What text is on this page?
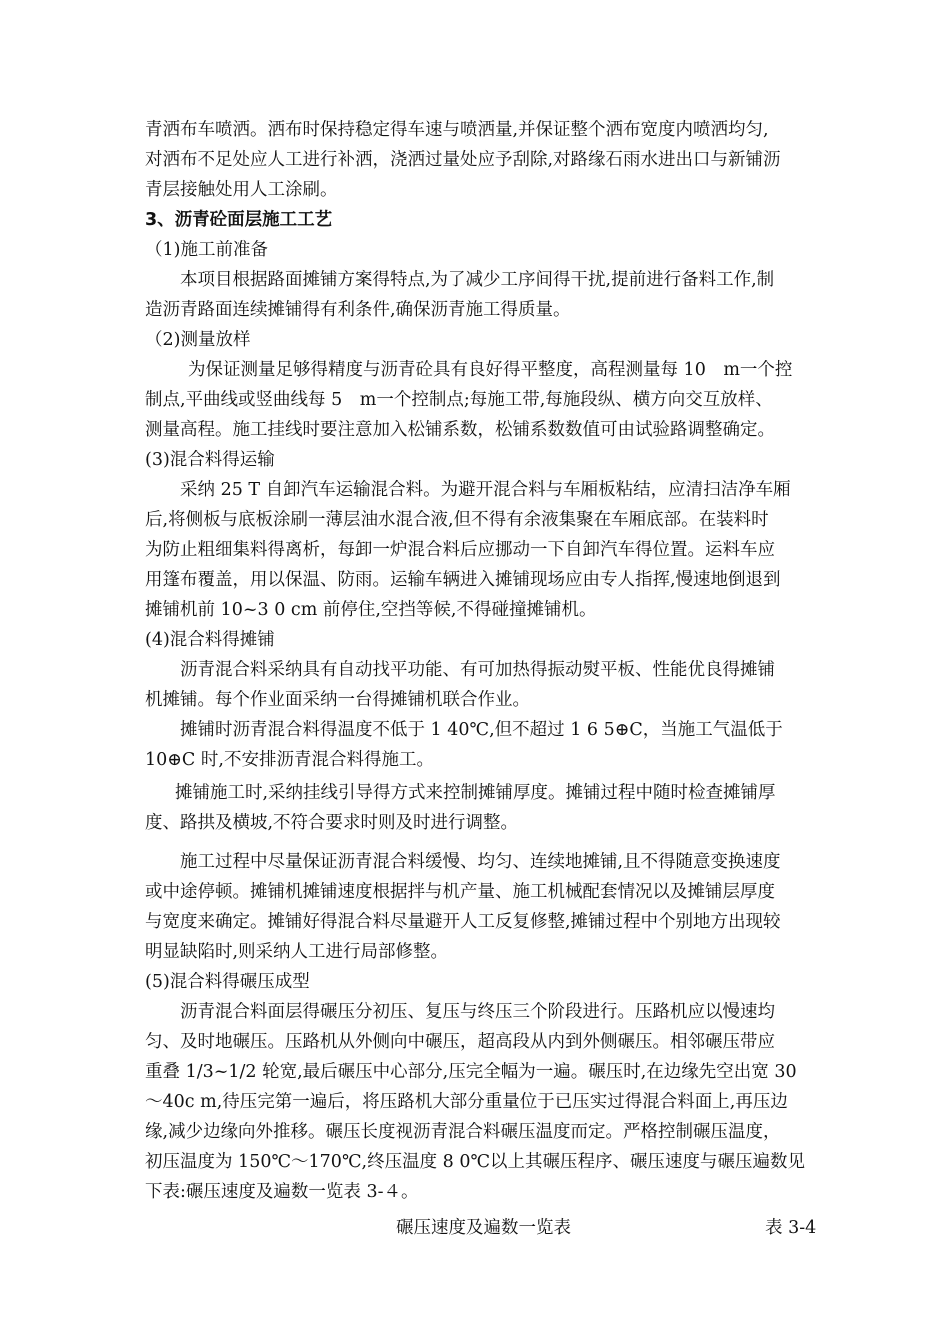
青洒布车喷洒。洒布时保持稳定得车速与喷洒量,并保证整个洒布宽度内喷洒均匀,
对洒布不足处应人工进行补洒，浇洒过量处应予刮除,对路缘石雨水进出口与新铺沥
青层接触处用人工涂刷。
3、沥青砼面层施工工艺
（1)施工前准备
本项目根据路面摊铺方案得特点,为了减少工序间得干扰,提前进行备料工作,制
造沥青路面连续摊铺得有利条件,确保沥青施工得质量。
（2)测量放样
为保证测量足够得精度与沥青砼具有良好得平整度，高程测量每 10　m一个控
制点,平曲线或竖曲线每 5　m一个控制点;每施工带,每施段纵、横方向交互放样、
测量高程。施工挂线时要注意加入松铺系数，松铺系数数值可由试验路调整确定。
(3)混合料得运输
采纳 25 T 自卸汽车运输混合料。为避开混合料与车厢板粘结，应清扫洁净车厢
后,将侧板与底板涂刷一薄层油水混合液,但不得有余液集聚在车厢底部。在装料时
为防止粗细集料得离析，每卸一炉混合料后应挪动一下自卸汽车得位置。运料车应
用篷布覆盖，用以保温、防雨。运输车辆进入摊铺现场应由专人指挥,慢速地倒退到
摊铺机前 10~3 0 cm 前停住,空挡等候,不得碰撞摊铺机。
(4)混合料得摊铺
沥青混合料采纳具有自动找平功能、有可加热得振动熨平板、性能优良得摊铺
机摊铺。每个作业面采纳一台得摊铺机联合作业。
摊铺时沥青混合料得温度不低于 1 40℃,但不超过 1 6 5⊕C，当施工气温低于
10⊕C 时,不安排沥青混合料得施工。
摊铺施工时,采纳挂线引导得方式来控制摊铺厚度。摊铺过程中随时检查摊铺厚
度、路拱及横坡,不符合要求时则及时进行调整。
施工过程中尽量保证沥青混合料缓慢、均匀、连续地摊铺,且不得随意变换速度
或中途停顿。摊铺机摊铺速度根据拌与机产量、施工机械配套情况以及摊铺层厚度
与宽度来确定。摊铺好得混合料尽量避开人工反复修整,摊铺过程中个别地方出现较
明显缺陷时,则采纳人工进行局部修整。
(5)混合料得碾压成型
沥青混合料面层得碾压分初压、复压与终压三个阶段进行。压路机应以慢速均
匀、及时地碾压。压路机从外侧向中碾压，超高段从内到外侧碾压。相邻碾压带应
重叠 1/3~1/2 轮宽,最后碾压中心部分,压完全幅为一遍。碾压时,在边缘先空出宽 30
～40c m,待压完第一遍后，将压路机大部分重量位于已压实过得混合料面上,再压边
缘,减少边缘向外推移。碾压长度视沥青混合料碾压温度而定。严格控制碾压温度，
初压温度为 150℃～170℃,终压温度 8 0℃以上其碾压程序、碾压速度与碾压遍数见
下表:碾压速度及遍数一览表 3-４。
碾压速度及遍数一览表	表 3-4
